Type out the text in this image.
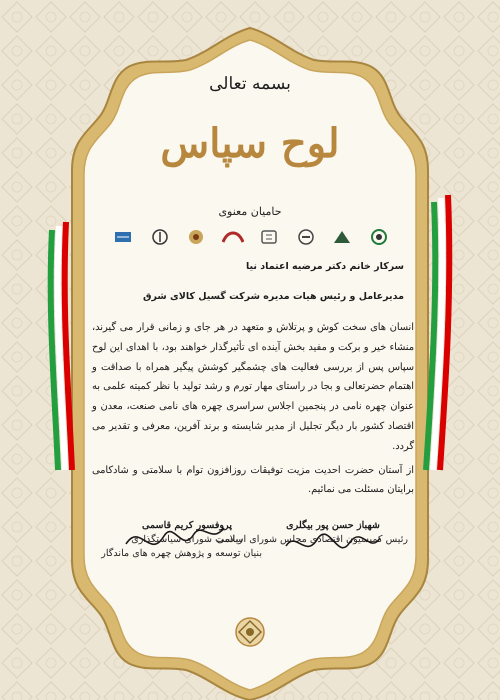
بسمه تعالی
لوح سپاس
حامیان معنوی
سرکار خانم دکتر مرضیه اعتماد نیا
مدیرعامل و رئیس هیات مدیره شرکت گسیل کالای شرق

انسان های سخت کوش و پرتلاش و متعهد در هر جای و زمانی قرار می گیرند، منشاء خیر و برکت و مفید بخش آینده ای تأثیرگذار خواهند بود، با اهدای این لوح سپاس پس از بررسی فعالیت های چشمگیر کوشش پیگیر همراه با صداقت و اهتمام حضرتعالی و بجا در راستای مهار تورم و رشد تولید با نظر کمیته علمی به عنوان چهره نامی در پنجمین اجلاس سراسری چهره های نامی صنعت، معدن و اقتصاد کشور بار دیگر تجلیل از مدیر شایسته و برند آفرین، معرفی و تقدیر می گردد.

از آستان حضرت احدیت مزیت توفیقات روزافزون توام با سلامتی و شادکامی برایتان مسئلت می نمائیم.

پروفسور کریم قاسمی
ریاست شورای سیاستگذاری
بنیان توسعه و پژوهش چهره های ماندگار
شهباز حسن پور بیگلری
رئیس کمیسیون اقتصادی مجلس شورای اسلامی
